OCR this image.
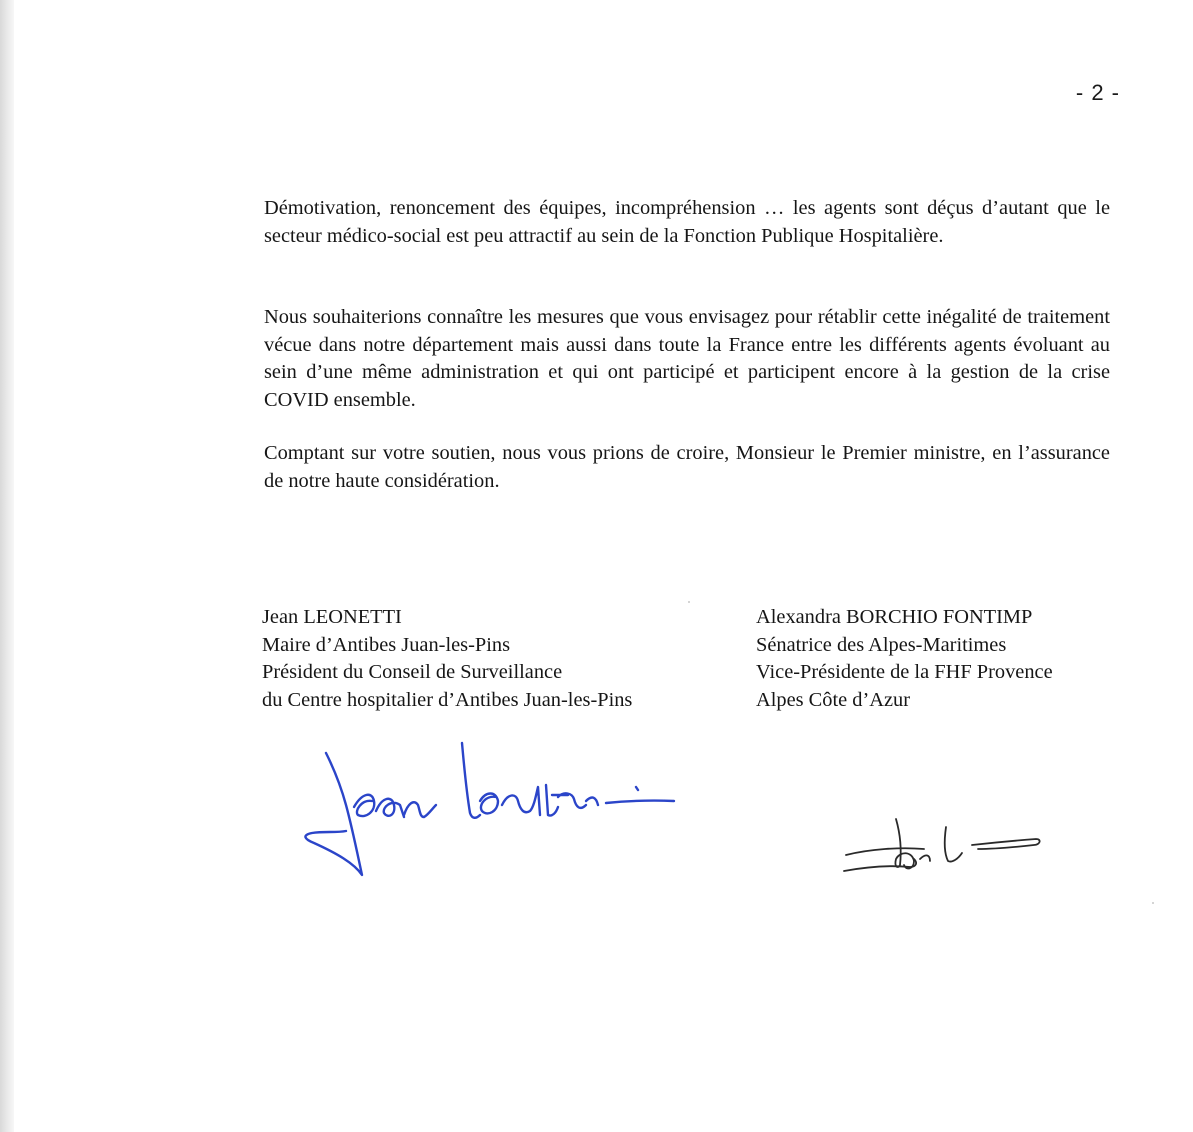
- 2 -

Démotivation, renoncement des équipes, incompréhension … les agents sont déçus d’autant que le secteur médico-social est peu attractif au sein de la Fonction Publique Hospitalière.

Nous souhaiterions connaître les mesures que vous envisagez pour rétablir cette inégalité de traitement vécue dans notre département mais aussi dans toute la France entre les différents agents évoluant au sein d’une même administration et qui ont participé et participent encore à la gestion de la crise COVID ensemble.

Comptant sur votre soutien, nous vous prions de croire, Monsieur le Premier ministre, en l’assurance de notre haute considération.

Jean LEONETTI
Maire d’Antibes Juan-les-Pins
Président du Conseil de Surveillance
du Centre hospitalier d’Antibes Juan-les-Pins
Alexandra BORCHIO FONTIMP
Sénatrice des Alpes-Maritimes
Vice-Présidente de la FHF Provence
Alpes Côte d’Azur
